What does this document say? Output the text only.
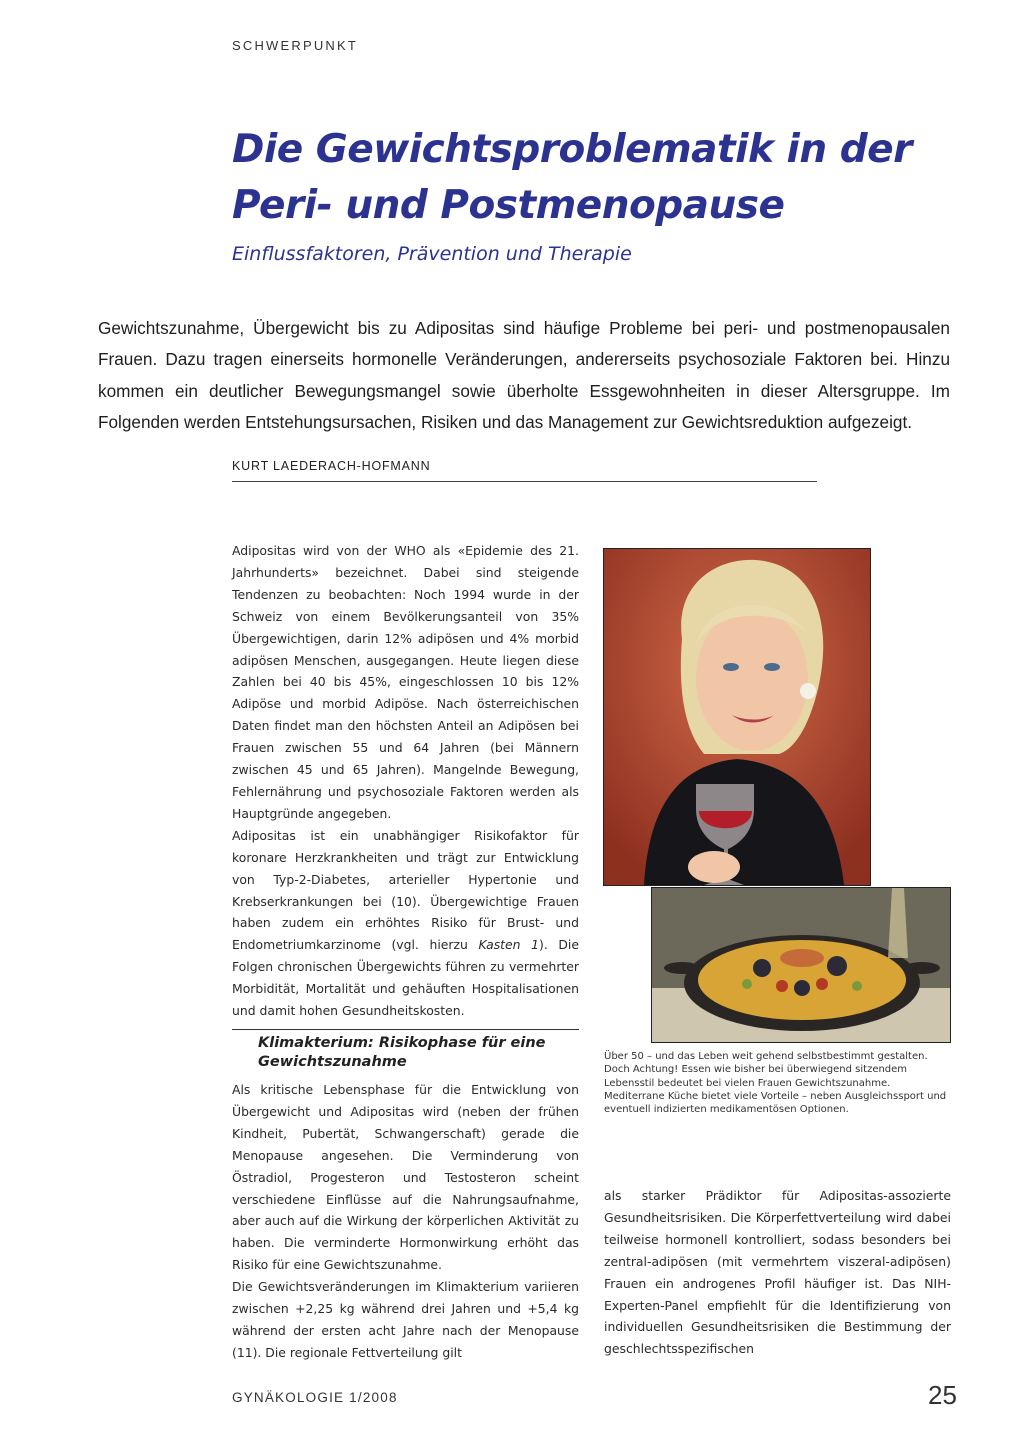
SCHWERPUNKT
Die Gewichtsproblematik in der
Peri- und Postmenopause
Einflussfaktoren, Prävention und Therapie

Gewichtszunahme, Übergewicht bis zu Adipositas sind häufige Probleme bei peri- und postmenopausalen Frauen. Dazu tragen einerseits hormonelle Veränderungen, andererseits psychosoziale Faktoren bei. Hinzu kommen ein deutlicher Bewegungsmangel sowie überholte Essgewohnheiten in dieser Altersgruppe. Im Folgenden werden Entstehungsursachen, Risiken und das Management zur Gewichtsreduktion aufgezeigt.

KURT LAEDERACH-HOFMANN

Adipositas wird von der WHO als «Epidemie des 21. Jahrhunderts» bezeichnet. Dabei sind steigende Tendenzen zu beobachten: Noch 1994 wurde in der Schweiz von einem Bevölkerungsanteil von 35% Übergewichtigen, darin 12% adipösen und 4% morbid adipösen Menschen, ausgegangen. Heute liegen diese Zahlen bei 40 bis 45%, eingeschlossen 10 bis 12% Adipöse und morbid Adipöse. Nach österreichischen Daten findet man den höchsten Anteil an Adipösen bei Frauen zwischen 55 und 64 Jahren (bei Männern zwischen 45 und 65 Jahren). Mangelnde Bewegung, Fehlernährung und psychosoziale Faktoren werden als Hauptgründe angegeben.

Adipositas ist ein unabhängiger Risikofaktor für koronare Herzkrankheiten und trägt zur Entwicklung von Typ-2-Diabetes, arterieller Hypertonie und Krebserkrankungen bei (10). Übergewichtige Frauen haben zudem ein erhöhtes Risiko für Brust- und Endometriumkarzinome (vgl. hierzu Kasten 1). Die Folgen chronischen Übergewichts führen zu vermehrter Morbidität, Mortalität und gehäuften Hospitalisationen und damit hohen Gesundheitskosten.

Klimakterium: Risikophase für eine Gewichtszunahme

Als kritische Lebensphase für die Entwicklung von Übergewicht und Adipositas wird (neben der frühen Kindheit, Pubertät, Schwangerschaft) gerade die Menopause angesehen. Die Verminderung von Östradiol, Progesteron und Testosteron scheint verschiedene Einflüsse auf die Nahrungsaufnahme, aber auch auf die Wirkung der körperlichen Aktivität zu haben. Die verminderte Hormonwirkung erhöht das Risiko für eine Gewichtszunahme.

Die Gewichtsveränderungen im Klimakterium variieren zwischen +2,25 kg während drei Jahren und +5,4 kg während der ersten acht Jahre nach der Menopause (11). Die regionale Fettverteilung gilt

Über 50 – und das Leben weit gehend selbstbestimmt gestalten. Doch Achtung! Essen wie bisher bei überwiegend sitzendem Lebensstil bedeutet bei vielen Frauen Gewichtszunahme. Mediterrane Küche bietet viele Vorteile – neben Ausgleichssport und eventuell indizierten medikamentösen Optionen.

als starker Prädiktor für Adipositas-assozierte Gesundheitsrisiken. Die Körperfettverteilung wird dabei teilweise hormonell kontrolliert, sodass besonders bei zentral-adipösen (mit vermehrtem viszeral-adipösen) Frauen ein androgenes Profil häufiger ist. Das NIH-Experten-Panel empfiehlt für die Identifizierung von individuellen Gesundheitsrisiken die Bestimmung der geschlechtsspezifischen

GYNÄKOLOGIE 1/2008	25
